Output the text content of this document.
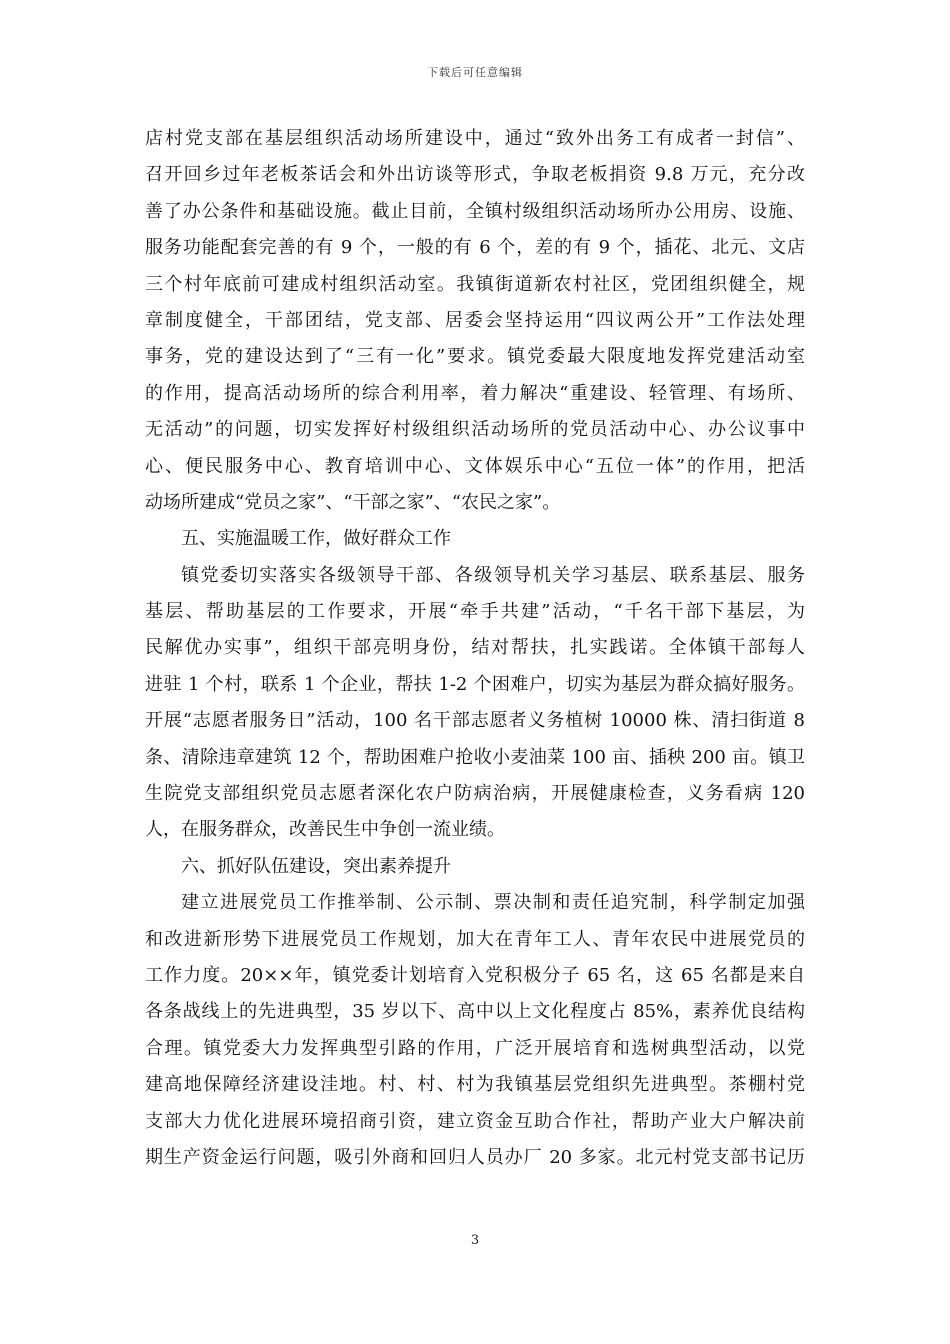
下载后可任意编辑
店村党支部在基层组织活动场所建设中，通过“致外出务工有成者一封信”、
召开回乡过年老板茶话会和外出访谈等形式，争取老板捐资 9.8 万元，充分改
善了办公条件和基础设施。截止目前，全镇村级组织活动场所办公用房、设施、
服务功能配套完善的有 9 个，一般的有 6 个，差的有 9 个，插花、北元、文店
三个村年底前可建成村组织活动室。我镇街道新农村社区，党团组织健全，规
章制度健全，干部团结，党支部、居委会坚持运用“四议两公开”工作法处理
事务，党的建设达到了“三有一化”要求。镇党委最大限度地发挥党建活动室
的作用，提高活动场所的综合利用率，着力解决“重建设、轻管理、有场所、
无活动”的问题，切实发挥好村级组织活动场所的党员活动中心、办公议事中
心、便民服务中心、教育培训中心、文体娱乐中心“五位一体”的作用，把活
动场所建成“党员之家”、“干部之家”、“农民之家”。
五、实施温暖工作，做好群众工作
镇党委切实落实各级领导干部、各级领导机关学习基层、联系基层、服务
基层、帮助基层的工作要求，开展“牵手共建”活动，“千名干部下基层，为
民解优办实事”，组织干部亮明身份，结对帮扶，扎实践诺。全体镇干部每人
进驻 1 个村，联系 1 个企业，帮扶 1-2 个困难户，切实为基层为群众搞好服务。
开展“志愿者服务日”活动，100 名干部志愿者义务植树 10000 株、清扫街道 8
条、清除违章建筑 12 个，帮助困难户抢收小麦油菜 100 亩、插秧 200 亩。镇卫
生院党支部组织党员志愿者深化农户防病治病，开展健康检查，义务看病 120
人，在服务群众，改善民生中争创一流业绩。
六、抓好队伍建设，突出素养提升
建立进展党员工作推举制、公示制、票决制和责任追究制，科学制定加强
和改进新形势下进展党员工作规划，加大在青年工人、青年农民中进展党员的
工作力度。20××年，镇党委计划培育入党积极分子 65 名，这 65 名都是来自
各条战线上的先进典型，35 岁以下、高中以上文化程度占 85%，素养优良结构
合理。镇党委大力发挥典型引路的作用，广泛开展培育和选树典型活动，以党
建高地保障经济建设洼地。村、村、村为我镇基层党组织先进典型。茶棚村党
支部大力优化进展环境招商引资，建立资金互助合作社，帮助产业大户解决前
期生产资金运行问题，吸引外商和回归人员办厂 20 多家。北元村党支部书记历
3
